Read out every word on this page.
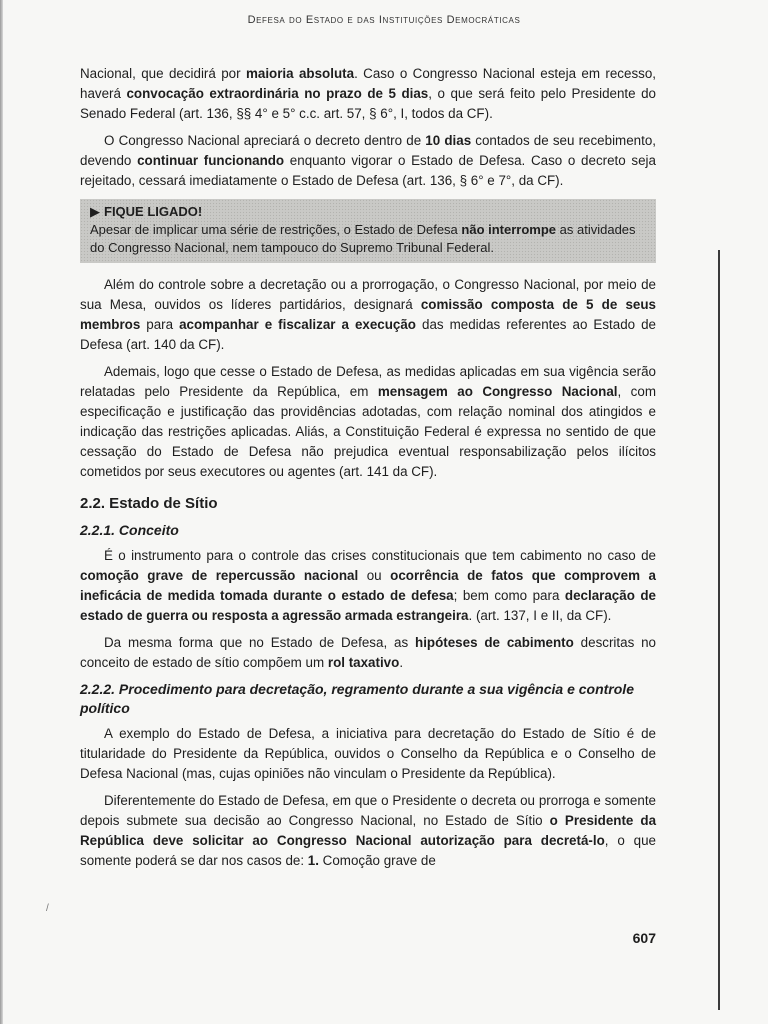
Defesa do Estado e das Instituições Democráticas

Nacional, que decidirá por maioria absoluta. Caso o Congresso Nacional esteja em recesso, haverá convocação extraordinária no prazo de 5 dias, o que será feito pelo Presidente do Senado Federal (art. 136, §§ 4° e 5° c.c. art. 57, § 6°, I, todos da CF).

O Congresso Nacional apreciará o decreto dentro de 10 dias contados de seu recebimento, devendo continuar funcionando enquanto vigorar o Estado de Defesa. Caso o decreto seja rejeitado, cessará imediatamente o Estado de Defesa (art. 136, § 6° e 7°, da CF).

▶ FIQUE LIGADO!
Apesar de implicar uma série de restrições, o Estado de Defesa não interrompe as atividades do Congresso Nacional, nem tampouco do Supremo Tribunal Federal.

Além do controle sobre a decretação ou a prorrogação, o Congresso Nacional, por meio de sua Mesa, ouvidos os líderes partidários, designará comissão composta de 5 de seus membros para acompanhar e fiscalizar a execução das medidas referentes ao Estado de Defesa (art. 140 da CF).

Ademais, logo que cesse o Estado de Defesa, as medidas aplicadas em sua vigência serão relatadas pelo Presidente da República, em mensagem ao Congresso Nacional, com especificação e justificação das providências adotadas, com relação nominal dos atingidos e indicação das restrições aplicadas. Aliás, a Constituição Federal é expressa no sentido de que cessação do Estado de Defesa não prejudica eventual responsabilização pelos ilícitos cometidos por seus executores ou agentes (art. 141 da CF).

2.2. Estado de Sítio
2.2.1. Conceito

É o instrumento para o controle das crises constitucionais que tem cabimento no caso de comoção grave de repercussão nacional ou ocorrência de fatos que comprovem a ineficácia de medida tomada durante o estado de defesa; bem como para declaração de estado de guerra ou resposta a agressão armada estrangeira. (art. 137, I e II, da CF).

Da mesma forma que no Estado de Defesa, as hipóteses de cabimento descritas no conceito de estado de sítio compõem um rol taxativo.

2.2.2. Procedimento para decretação, regramento durante a sua vigência e controle político

A exemplo do Estado de Defesa, a iniciativa para decretação do Estado de Sítio é de titularidade do Presidente da República, ouvidos o Conselho da República e o Conselho de Defesa Nacional (mas, cujas opiniões não vinculam o Presidente da República).

Diferentemente do Estado de Defesa, em que o Presidente o decreta ou prorroga e somente depois submete sua decisão ao Congresso Nacional, no Estado de Sítio o Presidente da República deve solicitar ao Congresso Nacional autorização para decretá-lo, o que somente poderá se dar nos casos de: 1. Comoção grave de

/
607
